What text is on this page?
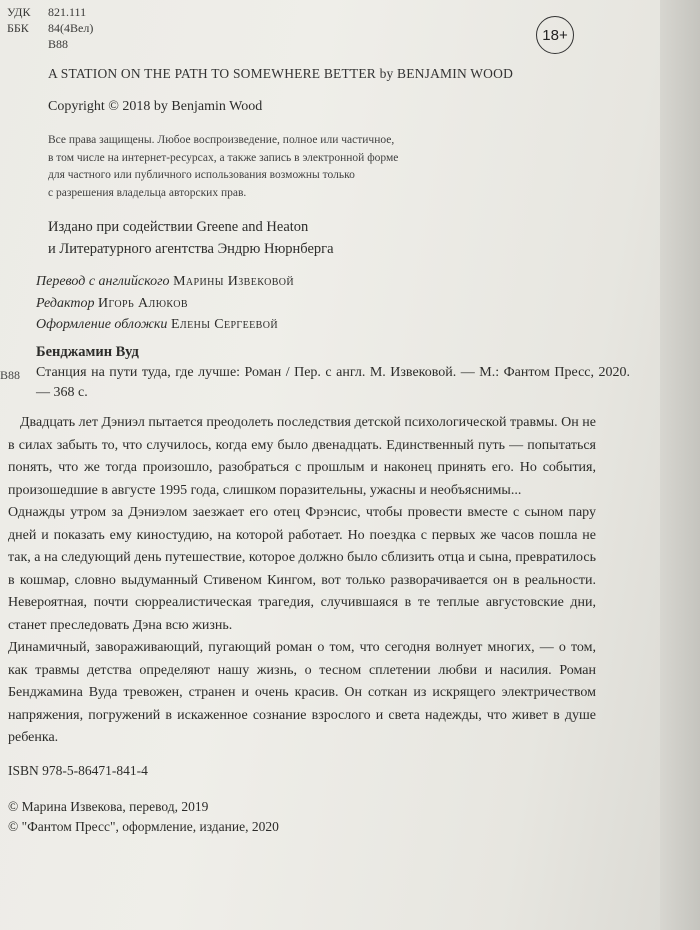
УДК
ББК
821.111
84(4Вел)
В88
18+
A STATION ON THE PATH TO SOMEWHERE BETTER by BENJAMIN WOOD
Copyright © 2018 by Benjamin Wood
Все права защищены. Любое воспроизведение, полное или частичное,
в том числе на интернет-ресурсах, а также запись в электронной форме
для частного или публичного использования возможны только
с разрешения владельца авторских прав.
Издано при содействии Greene and Heaton
и Литературного агентства Эндрю Нюрнберга
Перевод с английского Марины Извековой
Редактор Игорь Алюков
Оформление обложки Елены Сергеевой
В88
Бенджамин Вуд
Станция на пути туда, где лучше: Роман / Пер. с англ. М. Извековой. — М.: Фантом Пресс, 2020. — 368 с.

Двадцать лет Дэниэл пытается преодолеть последствия детской психологической травмы. Он не в силах забыть то, что случилось, когда ему было двенадцать. Единственный путь — попытаться понять, что же тогда произошло, разобраться с прошлым и наконец принять его. Но события, произошедшие в августе 1995 года, слишком поразительны, ужасны и необъяснимы...

Однажды утром за Дэниэлом заезжает его отец Фрэнсис, чтобы провести вместе с сыном пару дней и показать ему киностудию, на которой работает. Но поездка с первых же часов пошла не так, а на следующий день путешествие, которое должно было сблизить отца и сына, превратилось в кошмар, словно выдуманный Стивеном Кингом, вот только разворачивается он в реальности. Невероятная, почти сюрреалистическая трагедия, случившаяся в те теплые августовские дни, станет преследовать Дэна всю жизнь.

Динамичный, завораживающий, пугающий роман о том, что сегодня волнует многих, — о том, как травмы детства определяют нашу жизнь, о тесном сплетении любви и насилия. Роман Бенджамина Вуда тревожен, странен и очень красив. Он соткан из искрящего электричеством напряжения, погружений в искаженное сознание взрослого и света надежды, что живет в душе ребенка.

ISBN 978-5-86471-841-4
© Марина Извекова, перевод, 2019
© "Фантом Пресс", оформление, издание, 2020
